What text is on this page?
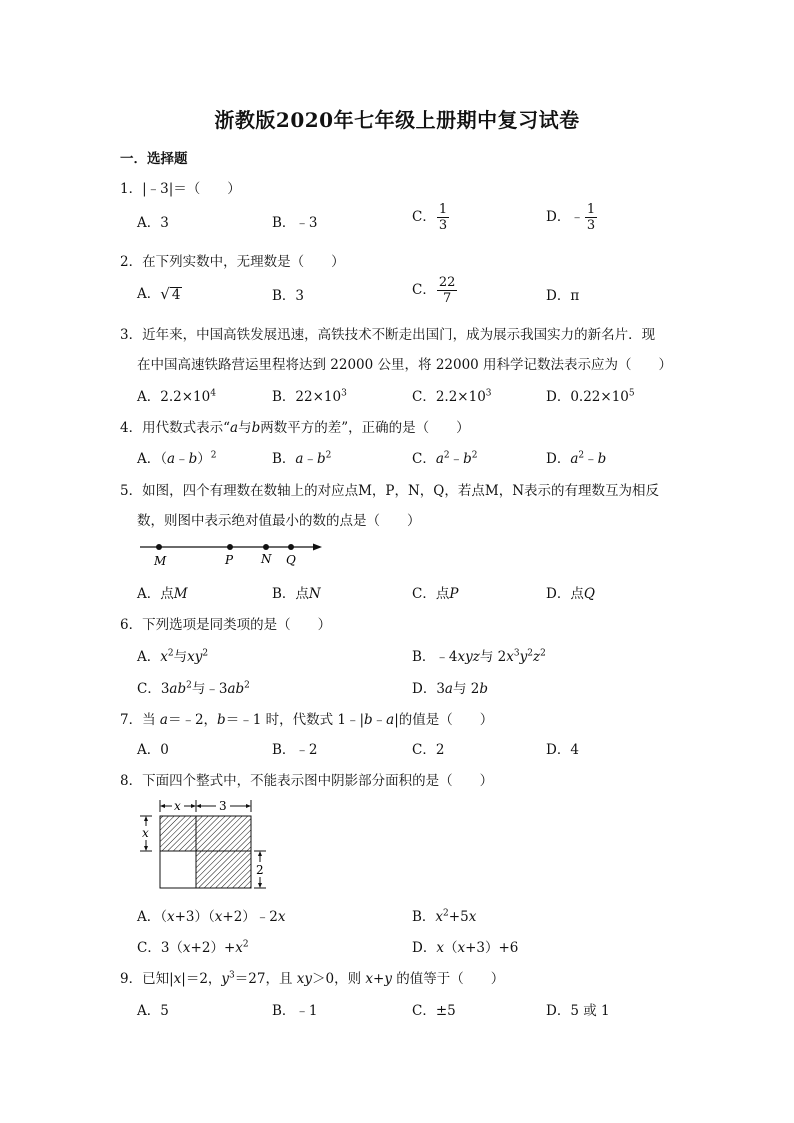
浙教版2020年七年级上册期中复习试卷
一．选择题
1．|﹣3|＝（　　）
A．3	B．﹣3	C． $\frac{1}{3}$	D．﹣ $\frac{1}{3}$
2．在下列实数中，无理数是（　　）
A． √ 4	B．3	C． $\frac{22}{7}$	D．π
3．近年来，中国高铁发展迅速，高铁技术不断走出国门，成为展示我国实力的新名片．现
在中国高速铁路营运里程将达到 22000 公里，将 22000 用科学记数法表示应为（　　）
A．$2.2\times 10^4$	B．$22\times 10^3$	C．$2.2\times 10^3$	D．$0.22\times 10^5$
4．用代数式表示“a与b两数平方的差”，正确的是（　　）
A．（a﹣b）$^2$	B．$a﹣b^2$	C．$a^2﹣b^2$	D．$a^2﹣b$
5．如图，四个有理数在数轴上的对应点M，P，N，Q，若点M，N表示的有理数互为相反
数，则图中表示绝对值最小的数的点是（　　）
M	P N Q
A．点M	B．点N	C．点P	D．点Q
6．下列选项是同类项的是（　　）
A．$x^2$与$xy^2$	B．﹣4xyz与 $2x^3y^2z^2$
C．$3ab^2$与$﹣3ab^2$	D．3a与 2b
7．当 a＝﹣2，b＝﹣1 时，代数式 1﹣|b﹣a|的值是（　　）
A．0	B．﹣2	C．2	D．4
8．下面四个整式中，不能表示图中阴影部分面积的是（　　）
x	3
x
2
A．（x+3）（x+2）﹣2x	B．$x^2+5x$
C．$3(x+2)+x^2$	D．x（x+3）+6
9．已知|x|＝2，$y^3=27$，且 xy＞0，则 x+y 的值等于（　　）
A．5	B．﹣1	C．±5	D．5 或 1
